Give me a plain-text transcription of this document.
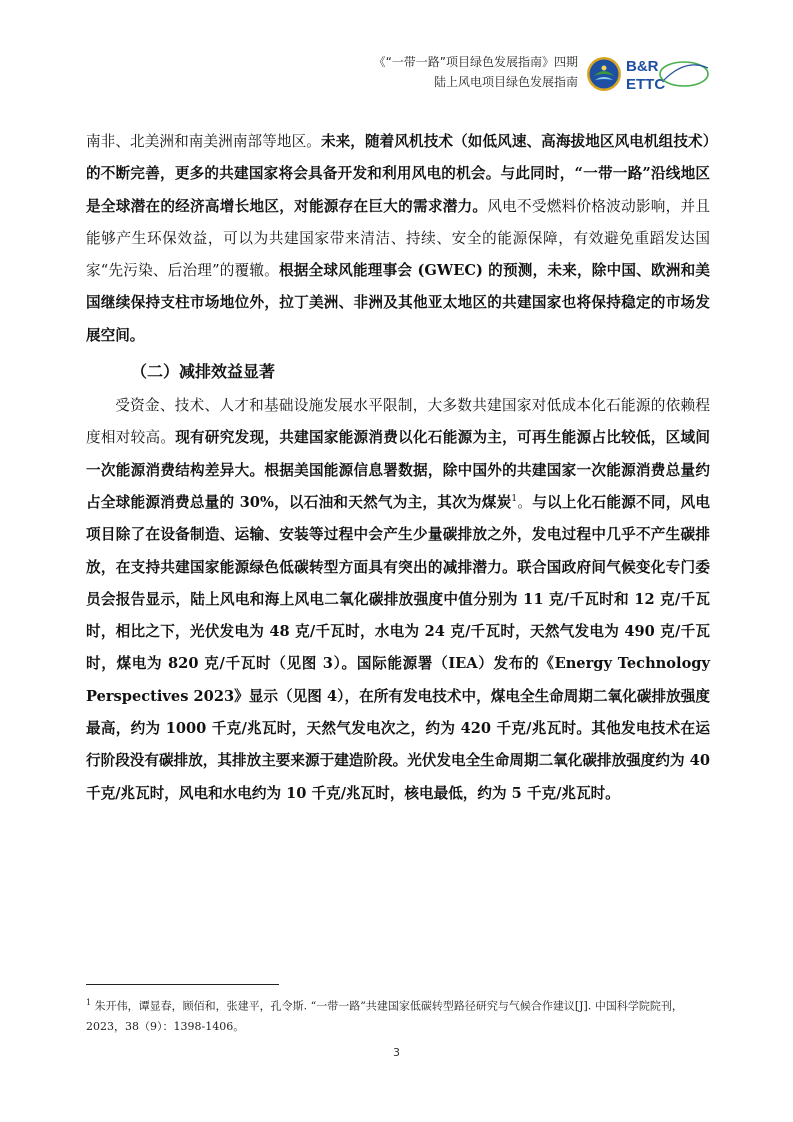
《“一带一路”项目绿色发展指南》四期
陆上风电项目绿色发展指南
B&R
ETTC

南非、北美洲和南美洲南部等地区。未来，随着风机技术（如低风速、高海拔地区风电机组技术）的不断完善，更多的共建国家将会具备开发和利用风电的机会。与此同时，“一带一路”沿线地区是全球潜在的经济高增长地区，对能源存在巨大的需求潜力。风电不受燃料价格波动影响，并且能够产生环保效益，可以为共建国家带来清洁、持续、安全的能源保障，有效避免重蹈发达国家“先污染、后治理”的覆辙。根据全球风能理事会 (GWEC) 的预测，未来，除中国、欧洲和美国继续保持支柱市场地位外，拉丁美洲、非洲及其他亚太地区的共建国家也将保持稳定的市场发展空间。

（二）减排效益显著

受资金、技术、人才和基础设施发展水平限制，大多数共建国家对低成本化石能源的依赖程度相对较高。现有研究发现，共建国家能源消费以化石能源为主，可再生能源占比较低，区域间一次能源消费结构差异大。根据美国能源信息署数据，除中国外的共建国家一次能源消费总量约占全球能源消费总量的 30%，以石油和天然气为主，其次为煤炭$^1$。与以上化石能源不同，风电项目除了在设备制造、运输、安装等过程中会产生少量碳排放之外，发电过程中几乎不产生碳排放，在支持共建国家能源绿色低碳转型方面具有突出的减排潜力。联合国政府间气候变化专门委员会报告显示，陆上风电和海上风电二氧化碳排放强度中值分别为 11 克/千瓦时和 12 克/千瓦时，相比之下，光伏发电为 48 克/千瓦时，水电为 24 克/千瓦时，天然气发电为 490 克/千瓦时，煤电为 820 克/千瓦时（见图 3）。国际能源署（IEA）发布的《Energy Technology Perspectives 2023》显示（见图 4），在所有发电技术中，煤电全生命周期二氧化碳排放强度最高，约为 1000 千克/兆瓦时，天然气发电次之，约为 420 千克/兆瓦时。其他发电技术在运行阶段没有碳排放，其排放主要来源于建造阶段。光伏发电全生命周期二氧化碳排放强度约为 40 千克/兆瓦时，风电和水电约为 10 千克/兆瓦时，核电最低，约为 5 千克/兆瓦时。

$^1$ 朱开伟，谭显春，顾佰和，张建平，孔令斯. “一带一路”共建国家低碳转型路径研究与气候合作建议[J]. 中国科学院院刊，2023，38（9）：1398-1406。
3
